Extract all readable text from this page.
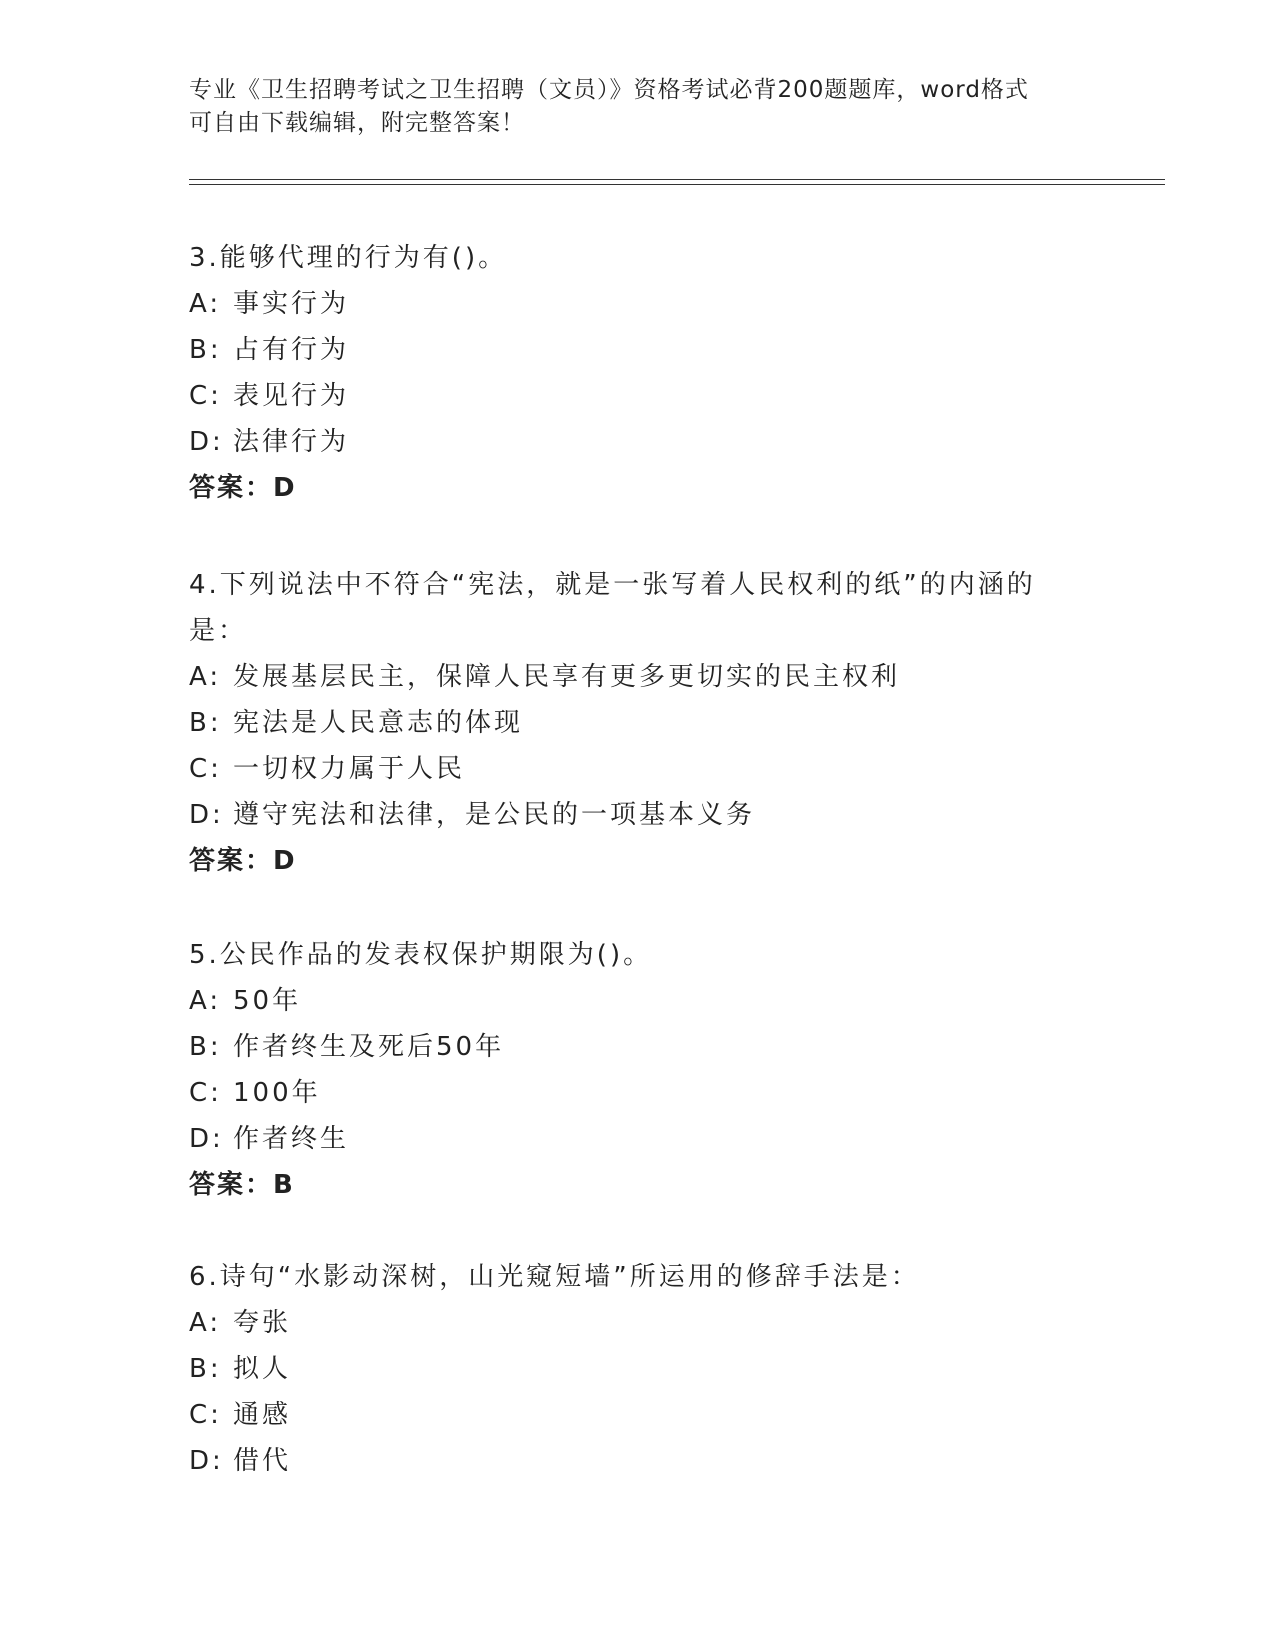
专业《卫生招聘考试之卫生招聘（文员）》资格考试必背200题题库，word格式
可自由下载编辑，附完整答案！
3.能够代理的行为有()。
A: 事实行为
B: 占有行为
C: 表见行为
D: 法律行为
答案：D
4.下列说法中不符合“宪法，就是一张写着人民权利的纸”的内涵的
是：
A: 发展基层民主，保障人民享有更多更切实的民主权利
B: 宪法是人民意志的体现
C: 一切权力属于人民
D: 遵守宪法和法律，是公民的一项基本义务
答案：D
5.公民作品的发表权保护期限为()。
A: 50年
B: 作者终生及死后50年
C: 100年
D: 作者终生
答案：B
6.诗句“水影动深树，山光窥短墙”所运用的修辞手法是：
A: 夸张
B: 拟人
C: 通感
D: 借代
